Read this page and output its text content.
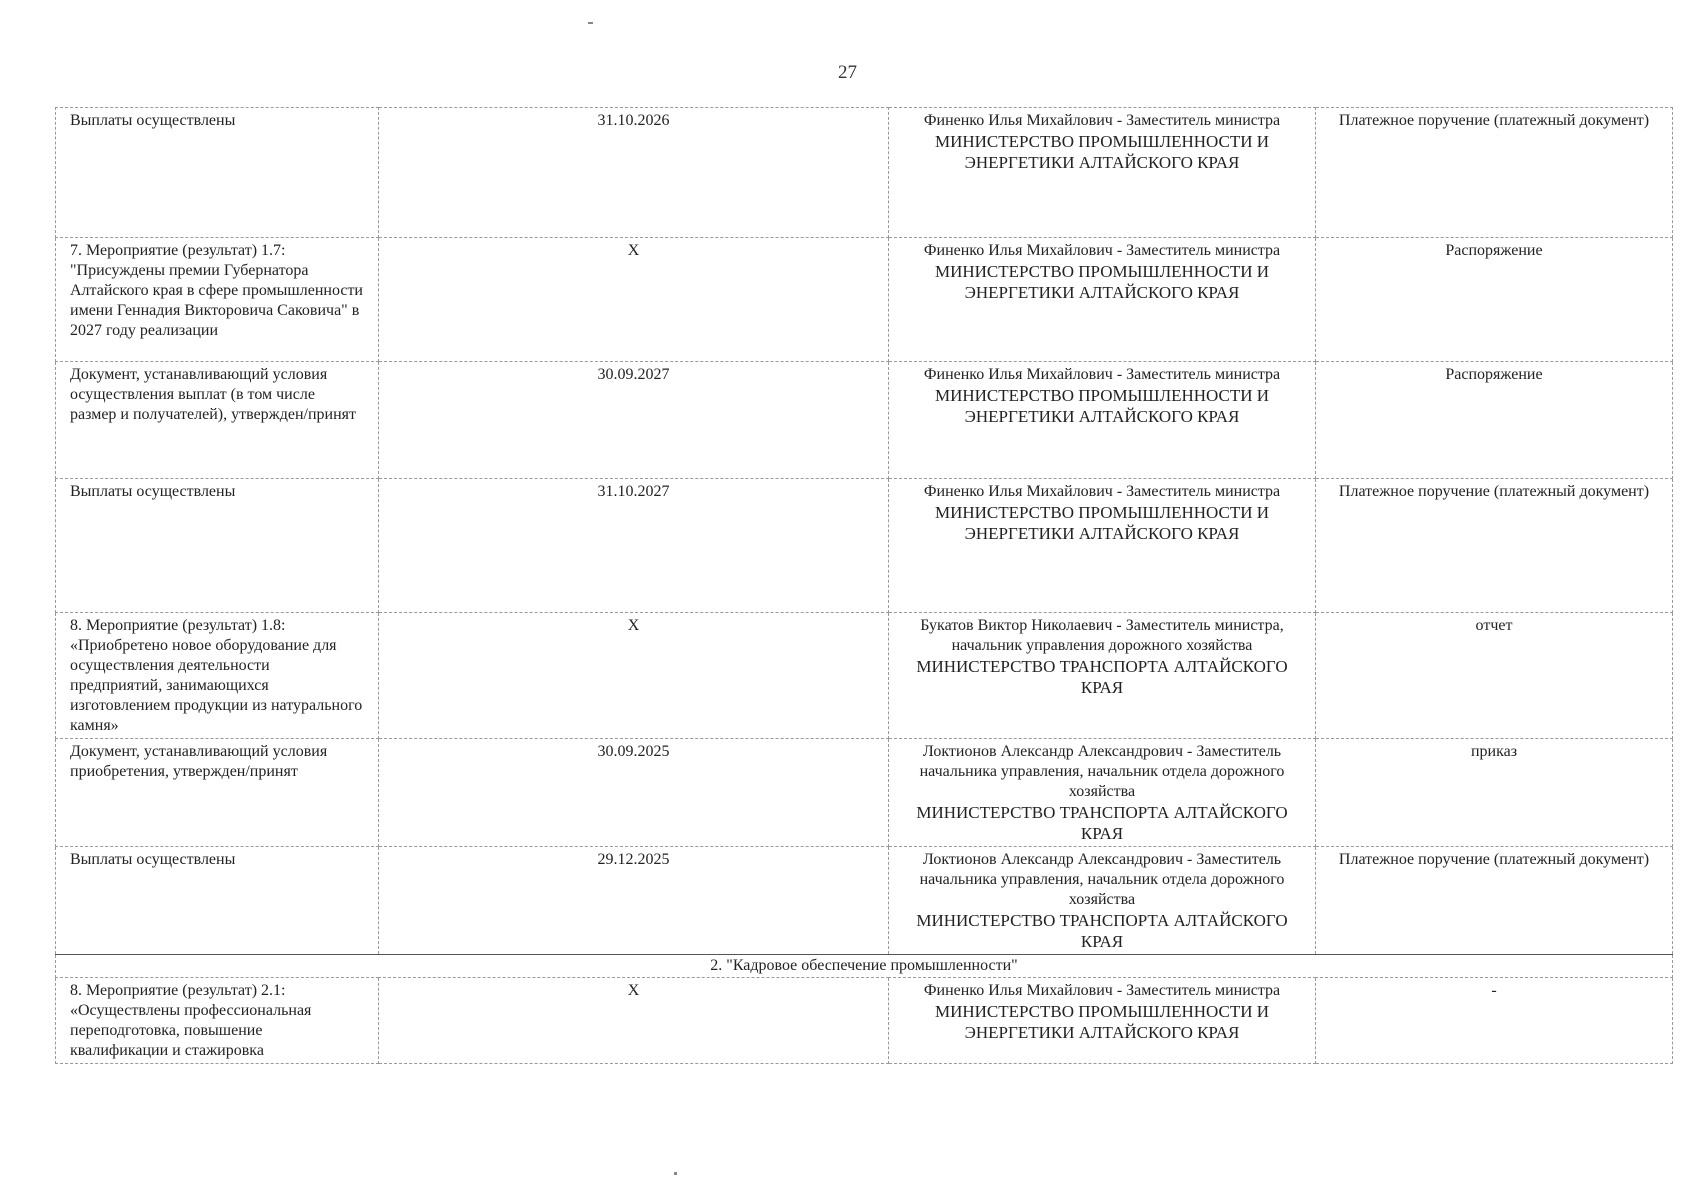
27
Выплаты осуществлены	31.10.2026	Финенко Илья Михайлович - Заместитель министра
МИНИСТЕРСТВО ПРОМЫШЛЕННОСТИ И ЭНЕРГЕТИКИ АЛТАЙСКОГО КРАЯ	Платежное поручение (платежный документ)
7. Мероприятие (результат) 1.7: "Присуждены премии Губернатора Алтайского края в сфере промышленности имени Геннадия Викторовича Саковича" в 2027 году реализации	X	Финенко Илья Михайлович - Заместитель министра
МИНИСТЕРСТВО ПРОМЫШЛЕННОСТИ И ЭНЕРГЕТИКИ АЛТАЙСКОГО КРАЯ	Распоряжение
Документ, устанавливающий условия осуществления выплат (в том числе размер и получателей), утвержден/принят	30.09.2027	Финенко Илья Михайлович - Заместитель министра
МИНИСТЕРСТВО ПРОМЫШЛЕННОСТИ И ЭНЕРГЕТИКИ АЛТАЙСКОГО КРАЯ	Распоряжение
Выплаты осуществлены	31.10.2027	Финенко Илья Михайлович - Заместитель министра
МИНИСТЕРСТВО ПРОМЫШЛЕННОСТИ И ЭНЕРГЕТИКИ АЛТАЙСКОГО КРАЯ	Платежное поручение (платежный документ)
8. Мероприятие (результат) 1.8: «Приобретено новое оборудование для осуществления деятельности предприятий, занимающихся изготовлением продукции из натурального камня»	X	Букатов Виктор Николаевич - Заместитель министра, начальник управления дорожного хозяйства
МИНИСТЕРСТВО ТРАНСПОРТА АЛТАЙСКОГО КРАЯ	отчет
Документ, устанавливающий условия приобретения, утвержден/принят	30.09.2025	Локтионов Александр Александрович - Заместитель начальника управления, начальник отдела дорожного хозяйства
МИНИСТЕРСТВО ТРАНСПОРТА АЛТАЙСКОГО КРАЯ	приказ
Выплаты осуществлены	29.12.2025	Локтионов Александр Александрович - Заместитель начальника управления, начальник отдела дорожного хозяйства
МИНИСТЕРСТВО ТРАНСПОРТА АЛТАЙСКОГО КРАЯ	Платежное поручение (платежный документ)
2. "Кадровое обеспечение промышленности"			
8. Мероприятие (результат) 2.1: «Осуществлены профессиональная переподготовка, повышение квалификации и стажировка	X	Финенко Илья Михайлович - Заместитель министра
МИНИСТЕРСТВО ПРОМЫШЛЕННОСТИ И ЭНЕРГЕТИКИ АЛТАЙСКОГО КРАЯ	-
